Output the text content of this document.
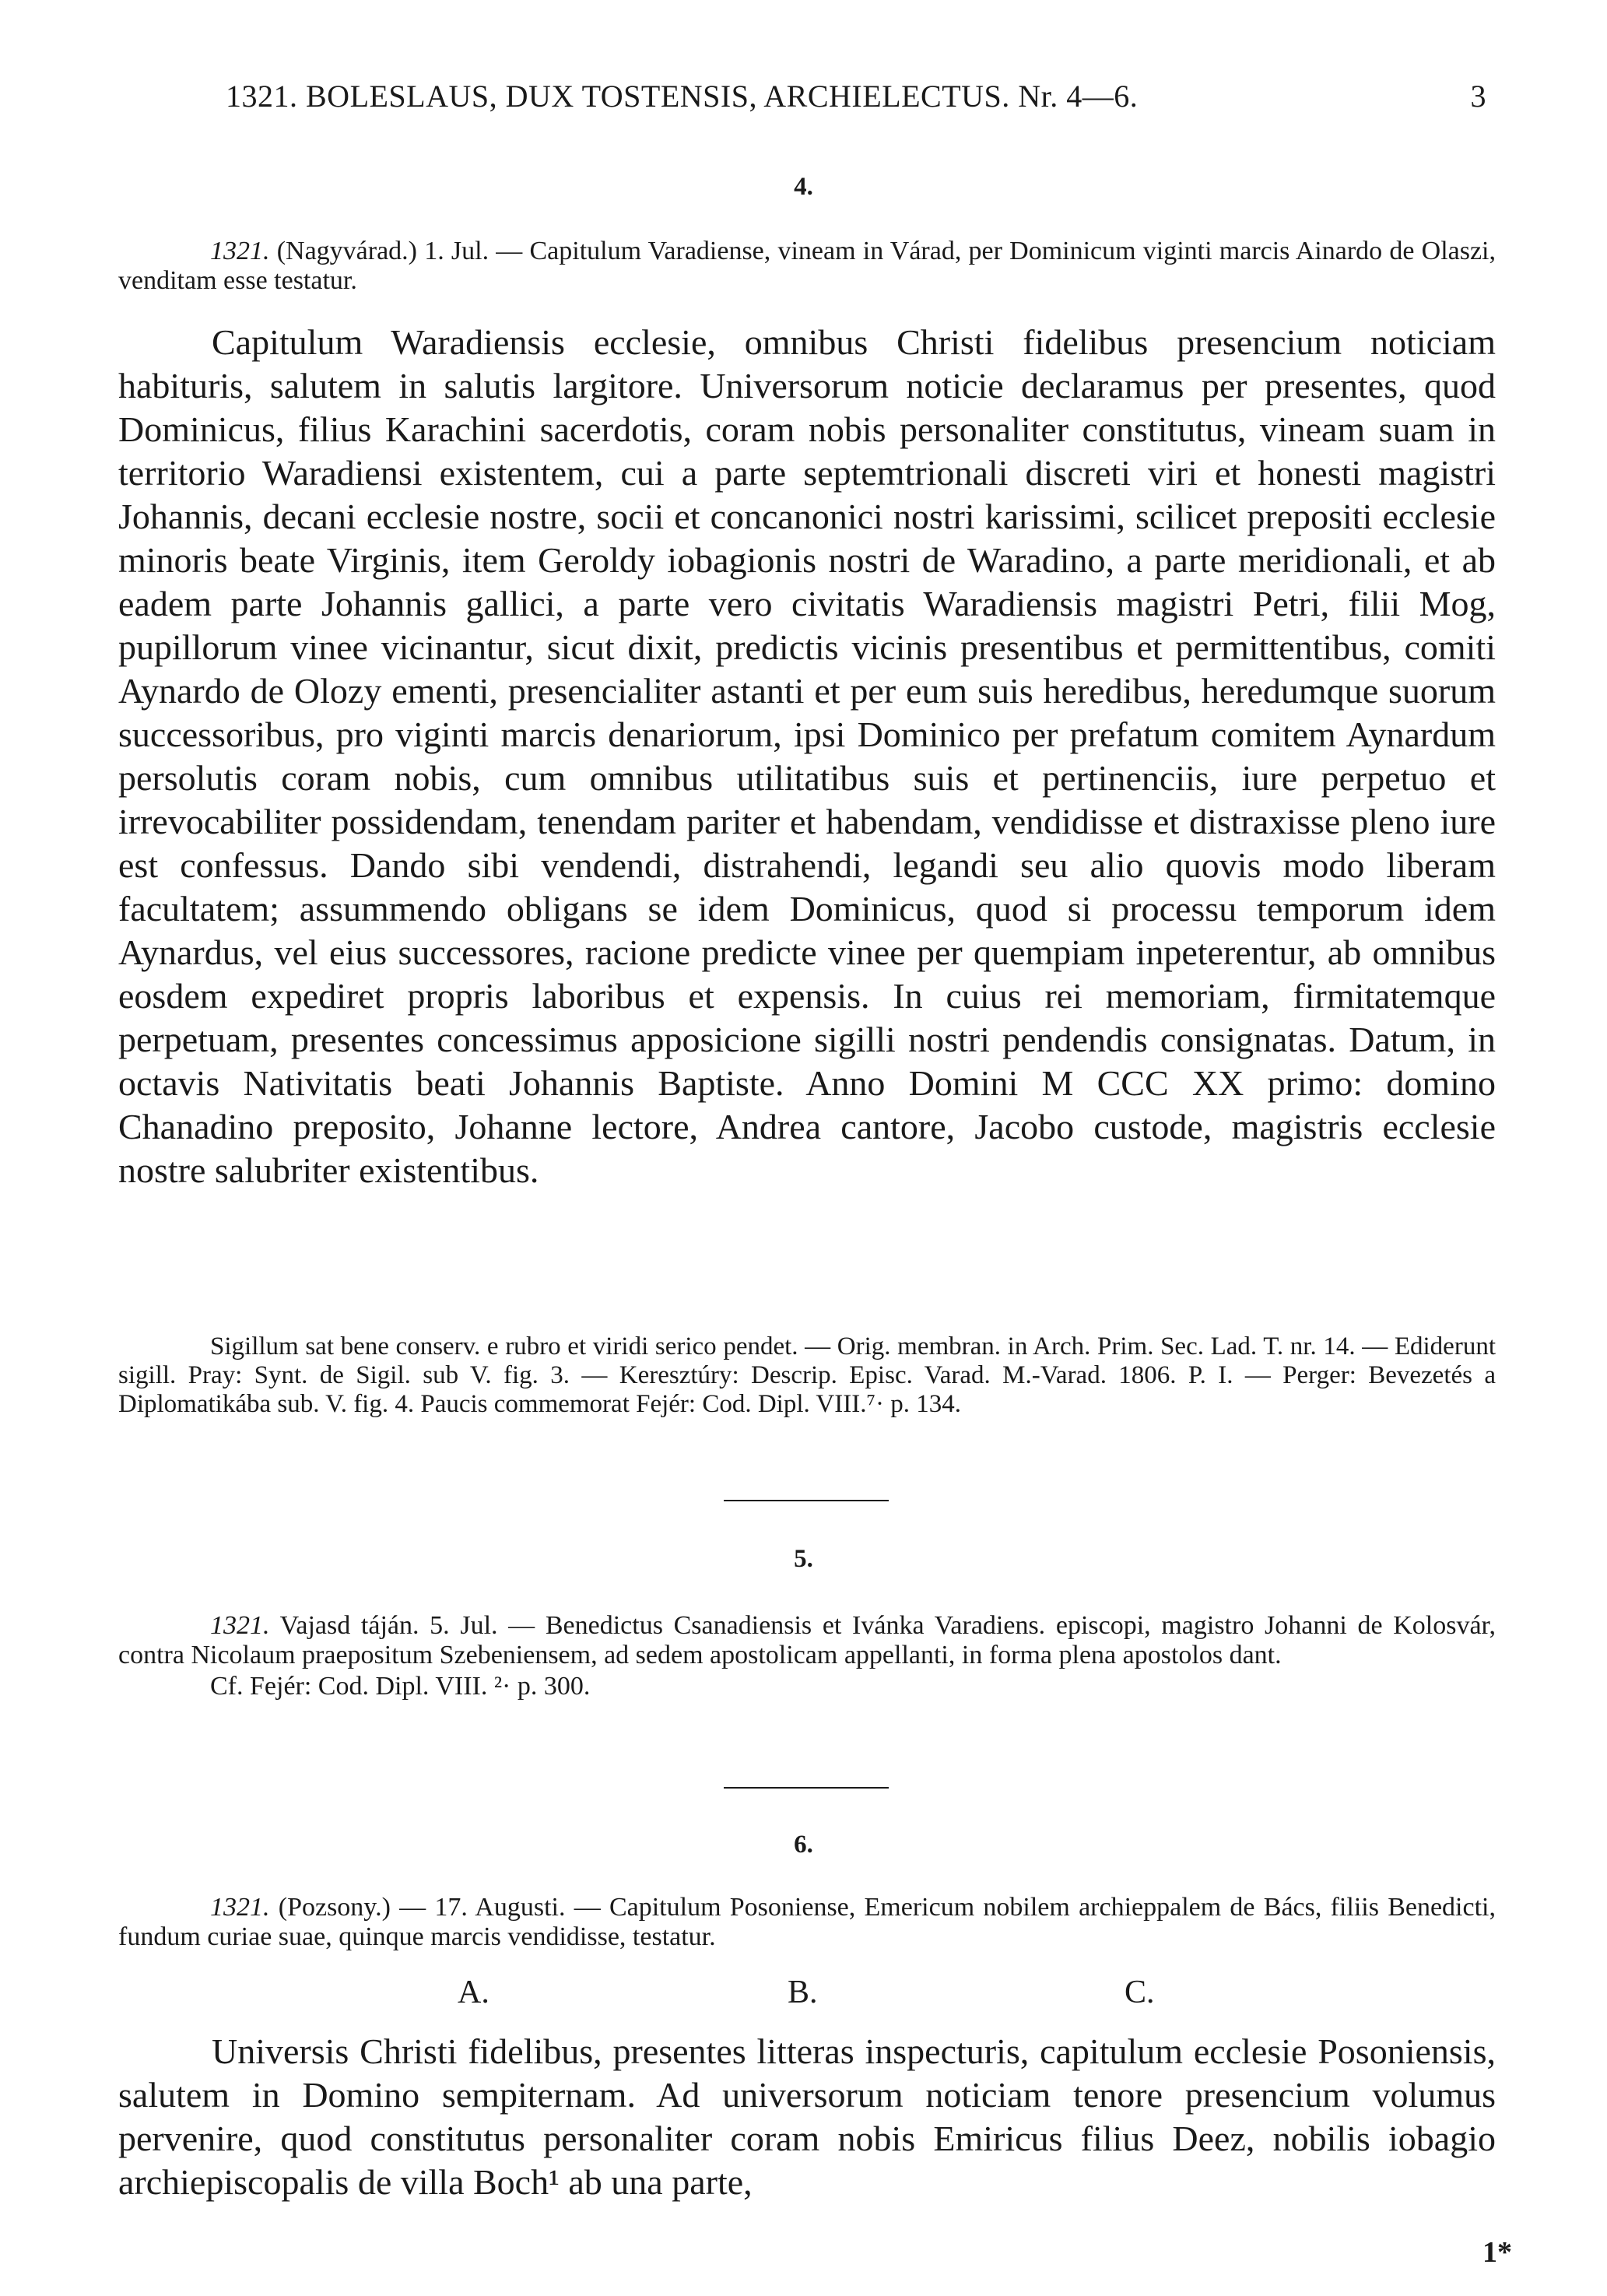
1321. BOLESLAUS, DUX TOSTENSIS, ARCHIELECTUS. Nr. 4—6.	3
4.

1321. (Nagyvárad.) 1. Jul. — Capitulum Varadiense, vineam in Várad, per Dominicum viginti marcis Ainardo de Olaszi, venditam esse testatur.

Capitulum Waradiensis ecclesie, omnibus Christi fidelibus presencium noticiam habituris, salutem in salutis largitore. Universorum noticie declaramus per presentes, quod Dominicus, filius Karachini sacerdotis, coram nobis personaliter constitutus, vineam suam in territorio Waradiensi existentem, cui a parte septemtrionali discreti viri et honesti magistri Johannis, decani ecclesie nostre, socii et concanonici nostri karissimi, scilicet prepositi ecclesie minoris beate Virginis, item Geroldy iobagionis nostri de Waradino, a parte meridionali, et ab eadem parte Johannis gallici, a parte vero civitatis Waradiensis magistri Petri, filii Mog, pupillorum vinee vicinantur, sicut dixit, predictis vicinis presentibus et permittentibus, comiti Aynardo de Olozy ementi, presencialiter astanti et per eum suis heredibus, heredumque suorum successoribus, pro viginti marcis denariorum, ipsi Dominico per prefatum comitem Aynardum persolutis coram nobis, cum omnibus utilitatibus suis et pertinenciis, iure perpetuo et irrevocabiliter possidendam, tenendam pariter et habendam, vendidisse et distraxisse pleno iure est confessus. Dando sibi vendendi, distrahendi, legandi seu alio quovis modo liberam facultatem; assummendo obligans se idem Dominicus, quod si processu temporum idem Aynardus, vel eius successores, racione predicte vinee per quempiam inpeterentur, ab omnibus eosdem expediret propris laboribus et expensis. In cuius rei memoriam, firmitatemque perpetuam, presentes concessimus apposicione sigilli nostri pendendis consignatas. Datum, in octavis Nativitatis beati Johannis Baptiste. Anno Domini M CCC XX primo: domino Chanadino preposito, Johanne lectore, Andrea cantore, Jacobo custode, magistris ecclesie nostre salubriter existentibus.

Sigillum sat bene conserv. e rubro et viridi serico pendet. — Orig. membran. in Arch. Prim. Sec. Lad. T. nr. 14. — Ediderunt sigill. Pray: Synt. de Sigil. sub V. fig. 3. — Keresztúry: Descrip. Episc. Varad. M.-Varad. 1806. P. I. — Perger: Bevezetés a Diplomatikába sub. V. fig. 4. Paucis commemorat Fejér: Cod. Dipl. VIII.⁷· p. 134.

5.

1321. Vajasd táján. 5. Jul. — Benedictus Csanadiensis et Ivánka Varadiens. episcopi, magistro Johanni de Kolosvár, contra Nicolaum praepositum Szebeniensem, ad sedem apostolicam appellanti, in forma plena apostolos dant.

Cf. Fejér: Cod. Dipl. VIII. ²· p. 300.

6.

1321. (Pozsony.) — 17. Augusti. — Capitulum Posoniense, Emericum nobilem archieppalem de Bács, filiis Benedicti, fundum curiae suae, quinque marcis vendidisse, testatur.

A.	B.	C.

Universis Christi fidelibus, presentes litteras inspecturis, capitulum ecclesie Posoniensis, salutem in Domino sempiternam. Ad universorum noticiam tenore presencium volumus pervenire, quod constitutus personaliter coram nobis Emiricus filius Deez, nobilis iobagio archiepiscopalis de villa Boch¹ ab una parte,

1*
